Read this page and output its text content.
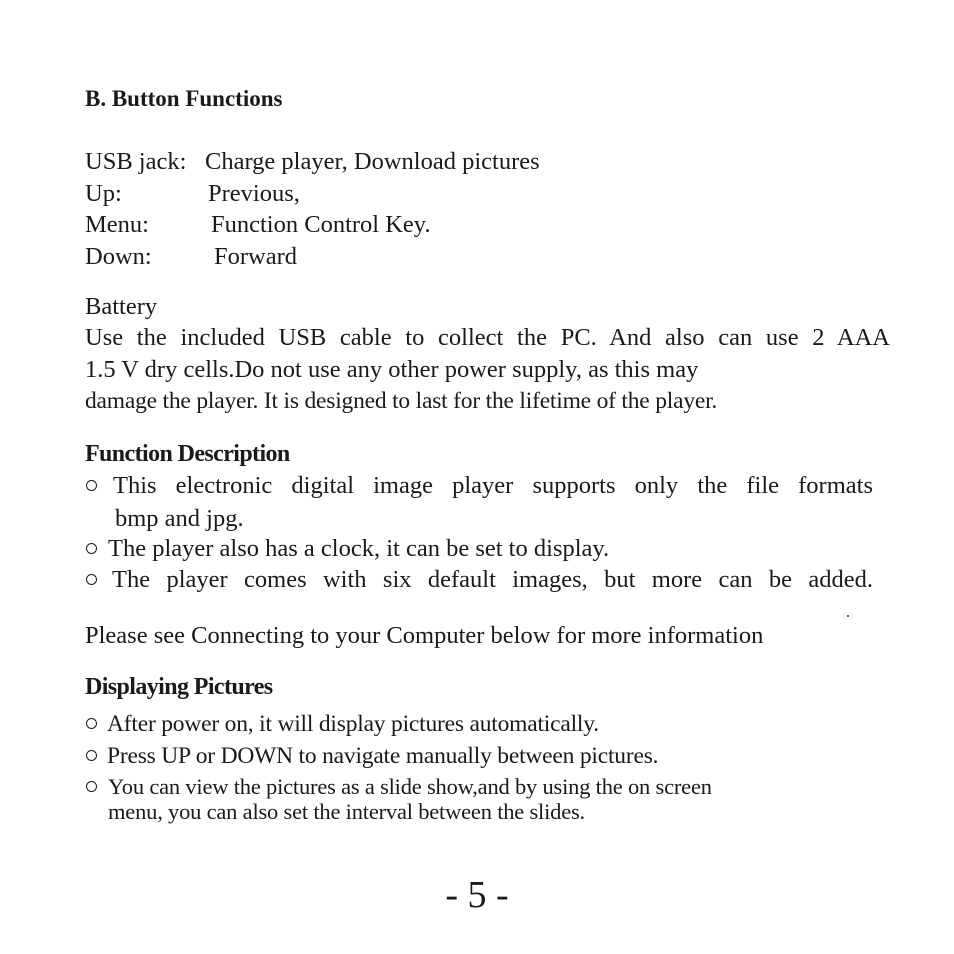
B. Button Functions
USB jack: Charge player, Download pictures
Up:	Previous,
Menu:	Function Control Key.
Down:	Forward
Battery
Use the included USB cable to collect the PC. And also can use 2 AAA
1.5 V dry cells.Do not use any other power supply, as this may
damage the player. It is designed to last for the lifetime of the player.
Function Description
This electronic digital image player supports only the file formats
bmp and jpg.
The player also has a clock, it can be set to display.
The player comes with six default images, but more can be added.
Please see Connecting to your Computer below for more information
Displaying Pictures
After power on, it will display pictures automatically.
Press UP or DOWN to navigate manually between pictures.
You can view the pictures as a slide show,and by using the on screen
menu, you can also set the interval between the slides.
- 5 -
